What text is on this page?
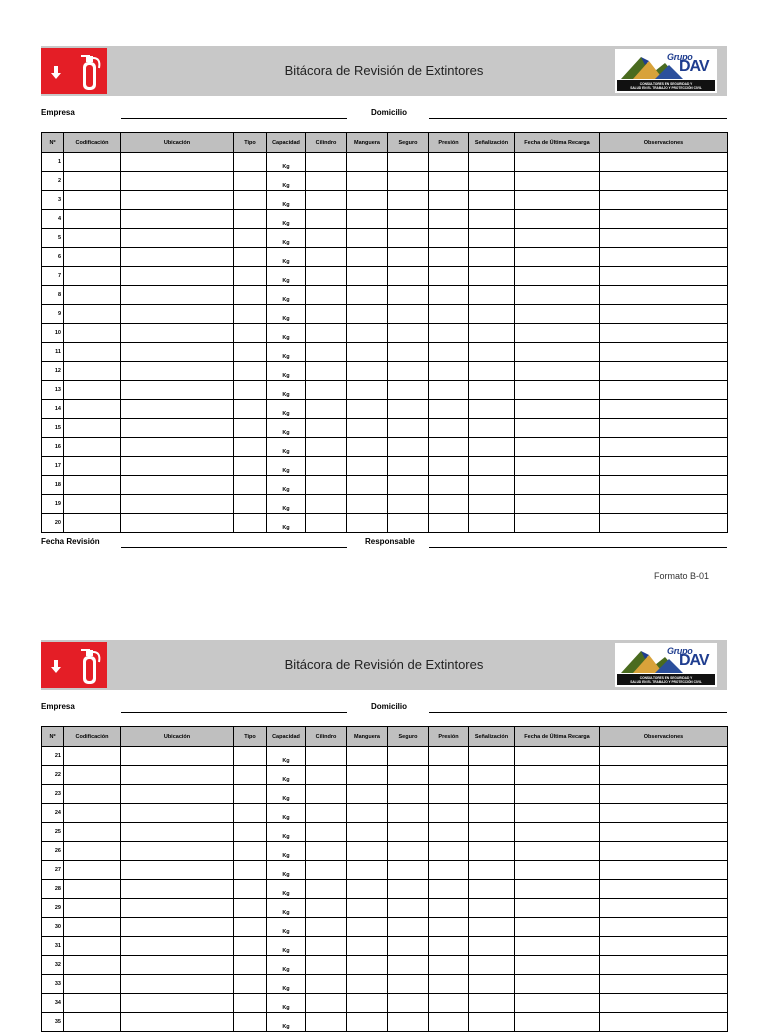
Bitácora de Revisión de Extintores
Grupo
DAV
CONSULTORES EN SEGURIDAD Y
SALUD EN EL TRABAJO Y PROTECCIÓN CIVIL
Empresa	Domicilio
Nº	Codificación	Ubicación	Tipo	Capacidad	Cilindro	Manguera	Seguro	Presión	Señalización	Fecha de Última Recarga	Observaciones
1				Kg							
2				Kg							
3				Kg							
4				Kg							
5				Kg							
6				Kg							
7				Kg							
8				Kg							
9				Kg							
10				Kg							
11				Kg							
12				Kg							
13				Kg							
14				Kg							
15				Kg							
16				Kg							
17				Kg							
18				Kg							
19				Kg							
20				Kg							
Fecha Revisión	Responsable
Formato B-01
Bitácora de Revisión de Extintores
Grupo
DAV
CONSULTORES EN SEGURIDAD Y
SALUD EN EL TRABAJO Y PROTECCIÓN CIVIL
Empresa	Domicilio
Nº	Codificación	Ubicación	Tipo	Capacidad	Cilindro	Manguera	Seguro	Presión	Señalización	Fecha de Última Recarga	Observaciones
21				Kg							
22				Kg							
23				Kg							
24				Kg							
25				Kg							
26				Kg							
27				Kg							
28				Kg							
29				Kg							
30				Kg							
31				Kg							
32				Kg							
33				Kg							
34				Kg							
35				Kg							
